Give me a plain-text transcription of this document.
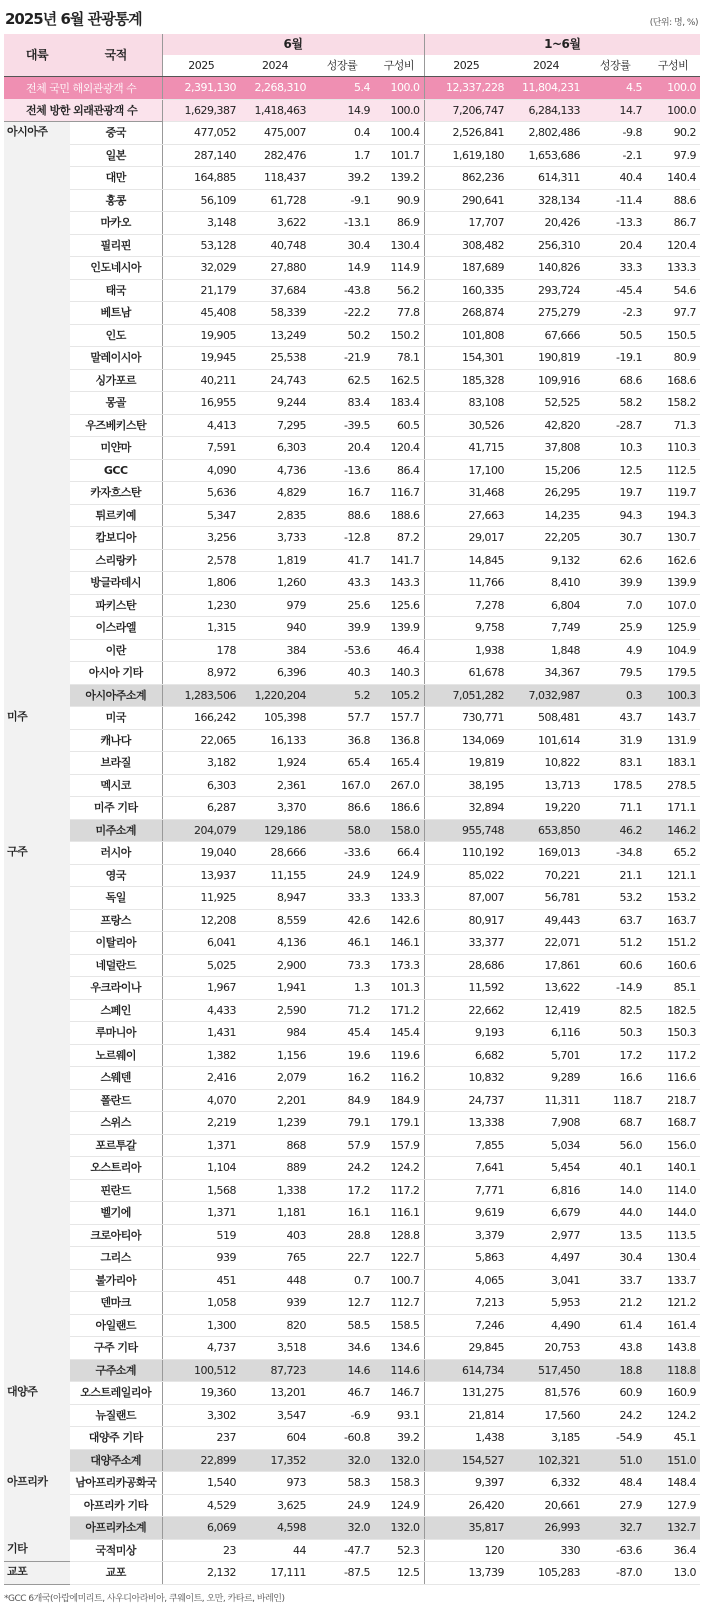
2025년 6월 관광통계	(단위: 명, %)
대륙	국적	6월				1~6월			
		2025	2024	성장률	구성비	2025	2024	성장률	구성비
전체 국민 해외관광객 수		2,391,130	2,268,310	5.4	100.0	12,337,228	11,804,231	4.5	100.0
전체 방한 외래관광객 수		1,629,387	1,418,463	14.9	100.0	7,206,747	6,284,133	14.7	100.0
아시아주	중국	477,052	475,007	0.4	100.4	2,526,841	2,802,486	-9.8	90.2
	일본	287,140	282,476	1.7	101.7	1,619,180	1,653,686	-2.1	97.9
	대만	164,885	118,437	39.2	139.2	862,236	614,311	40.4	140.4
	홍콩	56,109	61,728	-9.1	90.9	290,641	328,134	-11.4	88.6
	마카오	3,148	3,622	-13.1	86.9	17,707	20,426	-13.3	86.7
	필리핀	53,128	40,748	30.4	130.4	308,482	256,310	20.4	120.4
	인도네시아	32,029	27,880	14.9	114.9	187,689	140,826	33.3	133.3
	태국	21,179	37,684	-43.8	56.2	160,335	293,724	-45.4	54.6
	베트남	45,408	58,339	-22.2	77.8	268,874	275,279	-2.3	97.7
	인도	19,905	13,249	50.2	150.2	101,808	67,666	50.5	150.5
	말레이시아	19,945	25,538	-21.9	78.1	154,301	190,819	-19.1	80.9
	싱가포르	40,211	24,743	62.5	162.5	185,328	109,916	68.6	168.6
	몽골	16,955	9,244	83.4	183.4	83,108	52,525	58.2	158.2
	우즈베키스탄	4,413	7,295	-39.5	60.5	30,526	42,820	-28.7	71.3
	미얀마	7,591	6,303	20.4	120.4	41,715	37,808	10.3	110.3
	GCC	4,090	4,736	-13.6	86.4	17,100	15,206	12.5	112.5
	카자흐스탄	5,636	4,829	16.7	116.7	31,468	26,295	19.7	119.7
	튀르키예	5,347	2,835	88.6	188.6	27,663	14,235	94.3	194.3
	캄보디아	3,256	3,733	-12.8	87.2	29,017	22,205	30.7	130.7
	스리랑카	2,578	1,819	41.7	141.7	14,845	9,132	62.6	162.6
	방글라데시	1,806	1,260	43.3	143.3	11,766	8,410	39.9	139.9
	파키스탄	1,230	979	25.6	125.6	7,278	6,804	7.0	107.0
	이스라엘	1,315	940	39.9	139.9	9,758	7,749	25.9	125.9
	이란	178	384	-53.6	46.4	1,938	1,848	4.9	104.9
	아시아 기타	8,972	6,396	40.3	140.3	61,678	34,367	79.5	179.5
	아시아주소계	1,283,506	1,220,204	5.2	105.2	7,051,282	7,032,987	0.3	100.3
미주	미국	166,242	105,398	57.7	157.7	730,771	508,481	43.7	143.7
	캐나다	22,065	16,133	36.8	136.8	134,069	101,614	31.9	131.9
	브라질	3,182	1,924	65.4	165.4	19,819	10,822	83.1	183.1
	멕시코	6,303	2,361	167.0	267.0	38,195	13,713	178.5	278.5
	미주 기타	6,287	3,370	86.6	186.6	32,894	19,220	71.1	171.1
	미주소계	204,079	129,186	58.0	158.0	955,748	653,850	46.2	146.2
구주	러시아	19,040	28,666	-33.6	66.4	110,192	169,013	-34.8	65.2
	영국	13,937	11,155	24.9	124.9	85,022	70,221	21.1	121.1
	독일	11,925	8,947	33.3	133.3	87,007	56,781	53.2	153.2
	프랑스	12,208	8,559	42.6	142.6	80,917	49,443	63.7	163.7
	이탈리아	6,041	4,136	46.1	146.1	33,377	22,071	51.2	151.2
	네덜란드	5,025	2,900	73.3	173.3	28,686	17,861	60.6	160.6
	우크라이나	1,967	1,941	1.3	101.3	11,592	13,622	-14.9	85.1
	스페인	4,433	2,590	71.2	171.2	22,662	12,419	82.5	182.5
	루마니아	1,431	984	45.4	145.4	9,193	6,116	50.3	150.3
	노르웨이	1,382	1,156	19.6	119.6	6,682	5,701	17.2	117.2
	스웨덴	2,416	2,079	16.2	116.2	10,832	9,289	16.6	116.6
	폴란드	4,070	2,201	84.9	184.9	24,737	11,311	118.7	218.7
	스위스	2,219	1,239	79.1	179.1	13,338	7,908	68.7	168.7
	포르투갈	1,371	868	57.9	157.9	7,855	5,034	56.0	156.0
	오스트리아	1,104	889	24.2	124.2	7,641	5,454	40.1	140.1
	핀란드	1,568	1,338	17.2	117.2	7,771	6,816	14.0	114.0
	벨기에	1,371	1,181	16.1	116.1	9,619	6,679	44.0	144.0
	크로아티아	519	403	28.8	128.8	3,379	2,977	13.5	113.5
	그리스	939	765	22.7	122.7	5,863	4,497	30.4	130.4
	불가리아	451	448	0.7	100.7	4,065	3,041	33.7	133.7
	덴마크	1,058	939	12.7	112.7	7,213	5,953	21.2	121.2
	아일랜드	1,300	820	58.5	158.5	7,246	4,490	61.4	161.4
	구주 기타	4,737	3,518	34.6	134.6	29,845	20,753	43.8	143.8
	구주소계	100,512	87,723	14.6	114.6	614,734	517,450	18.8	118.8
대양주	오스트레일리아	19,360	13,201	46.7	146.7	131,275	81,576	60.9	160.9
	뉴질랜드	3,302	3,547	-6.9	93.1	21,814	17,560	24.2	124.2
	대양주 기타	237	604	-60.8	39.2	1,438	3,185	-54.9	45.1
	대양주소계	22,899	17,352	32.0	132.0	154,527	102,321	51.0	151.0
아프리카	남아프리카공화국	1,540	973	58.3	158.3	9,397	6,332	48.4	148.4
	아프리카 기타	4,529	3,625	24.9	124.9	26,420	20,661	27.9	127.9
	아프리카소계	6,069	4,598	32.0	132.0	35,817	26,993	32.7	132.7
기타	국적미상	23	44	-47.7	52.3	120	330	-63.6	36.4
교포	교포	2,132	17,111	-87.5	12.5	13,739	105,283	-87.0	13.0
*GCC 6개국(아랍에미리트, 사우디아라비아, 쿠웨이트, 오만, 카타르, 바레인)
